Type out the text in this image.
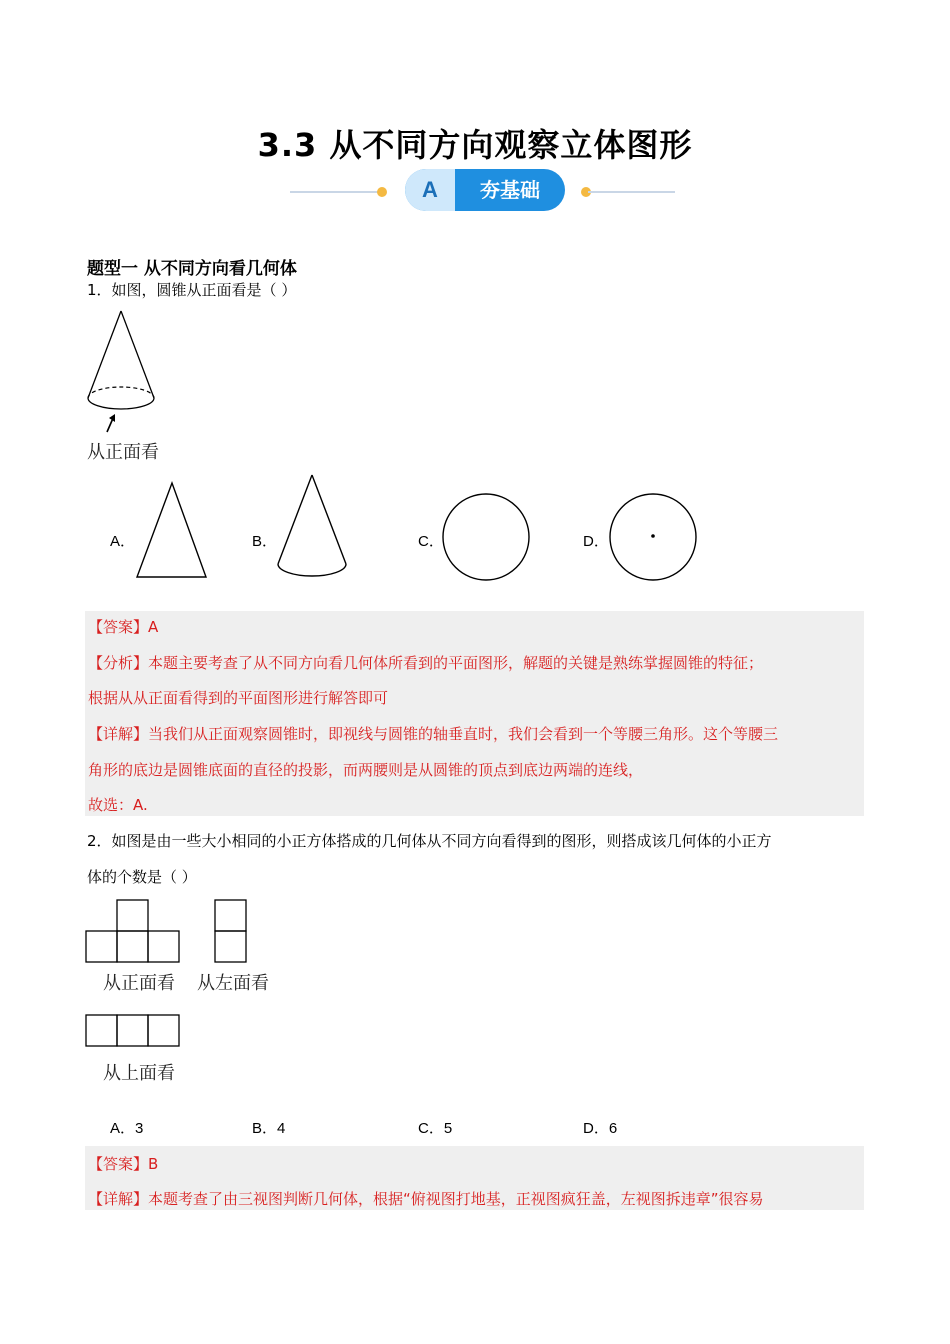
3.3 从不同方向观察立体图形
A	夯基础
题型一 从不同方向看几何体
1．如图，圆锥从正面看是（ ）
从正面看
A．	B．	C．	D．
【答案】A
【分析】本题主要考查了从不同方向看几何体所看到的平面图形，解题的关键是熟练掌握圆锥的特征；
根据从从正面看得到的平面图形进行解答即可
【详解】当我们从正面观察圆锥时，即视线与圆锥的轴垂直时，我们会看到一个等腰三角形。这个等腰三
角形的底边是圆锥底面的直径的投影，而两腰则是从圆锥的顶点到底边两端的连线，
故选：A.
2．如图是由一些大小相同的小正方体搭成的几何体从不同方向看得到的图形，则搭成该几何体的小正方
体的个数是（ ）
从正面看 从左面看
从上面看
A．3	B．4	C．5	D．6
【答案】B
【详解】本题考查了由三视图判断几何体，根据“俯视图打地基，正视图疯狂盖，左视图拆违章”很容易
